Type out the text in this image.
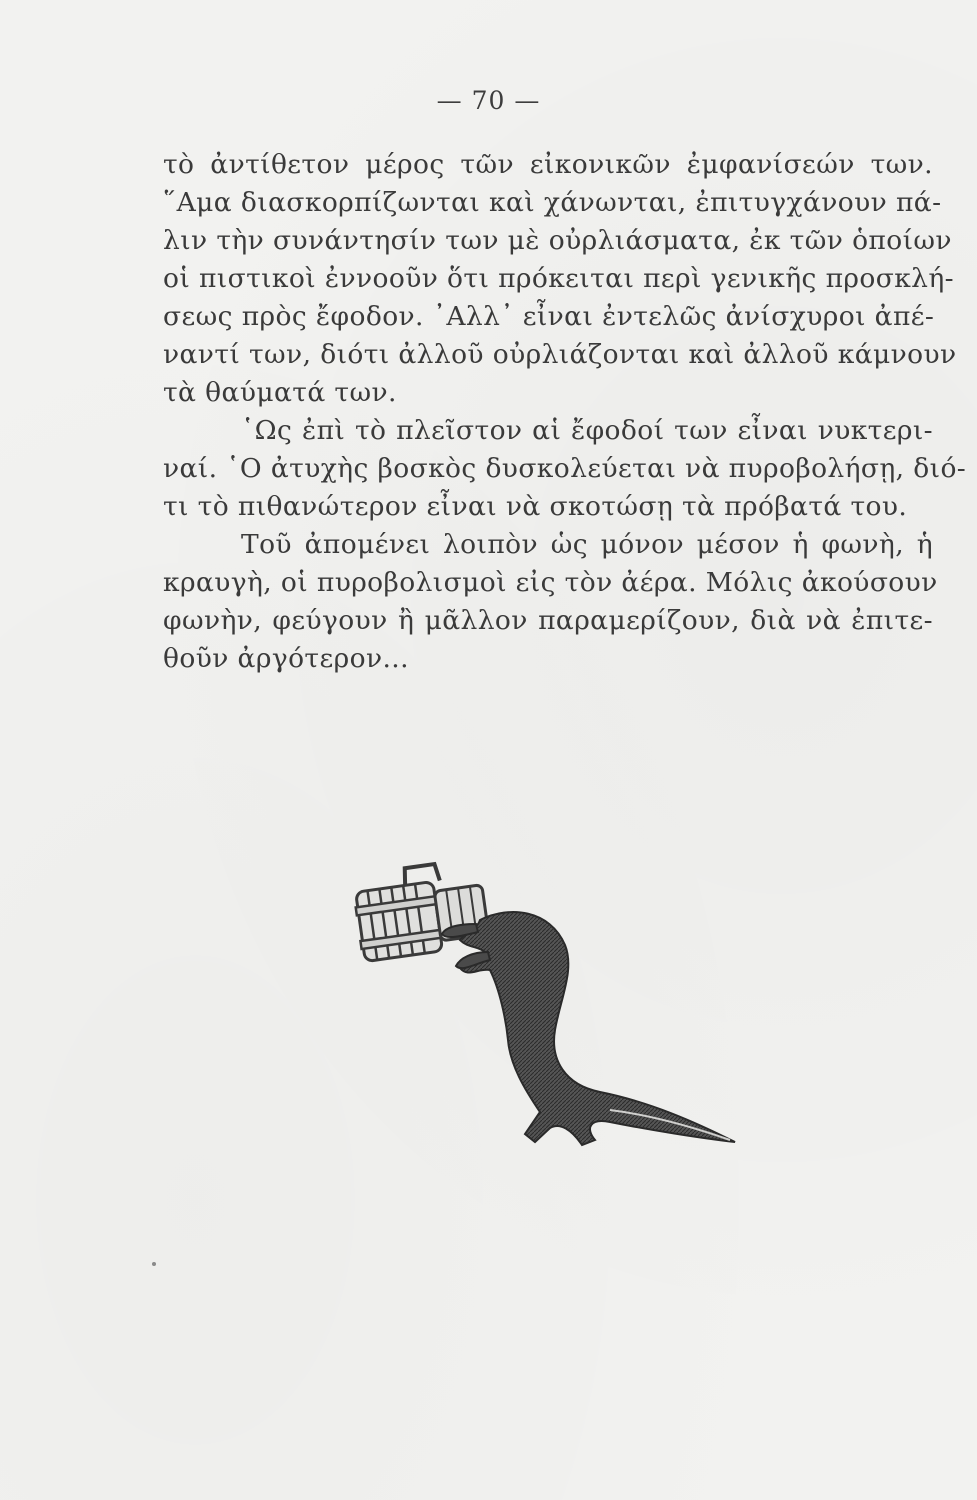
— 70 —
τὸ ἀντίθετον μέρος τῶν εἰκονικῶν ἐμφανίσεών των.
῞Αμα διασκορπίζωνται καὶ χάνωνται, ἐπιτυγχάνουν πά-
λιν τὴν συνάντησίν των μὲ οὐρλιάσματα, ἐκ τῶν ὁποίων
οἱ πιστικοὶ ἐννοοῦν ὅτι πρόκειται περὶ γενικῆς προσκλή-
σεως πρὸς ἔφοδον. ᾿Αλλ᾿ εἶναι ἐντελῶς ἀνίσχυροι ἀπέ-
ναντί των, διότι ἀλλοῦ οὐρλιάζονται καὶ ἀλλοῦ κάμνουν
τὰ θαύματά των.
῾Ως ἐπὶ τὸ πλεῖστον αἱ ἔφοδοί των εἶναι νυκτερι-
ναί. ῾Ο ἀτυχὴς βοσκὸς δυσκολεύεται νὰ πυροβολήσῃ, διό-
τι τὸ πιθανώτερον εἶναι νὰ σκοτώσῃ τὰ πρόβατά του.
Τοῦ ἀπομένει λοιπὸν ὡς μόνον μέσον ἡ φωνὴ, ἡ
κραυγὴ, οἱ πυροβολισμοὶ εἰς τὸν ἀέρα. Μόλις ἀκούσουν
φωνὴν, φεύγουν ἢ μᾶλλον παραμερίζουν, διὰ νὰ ἐπιτε-
θοῦν ἀργότερον...
